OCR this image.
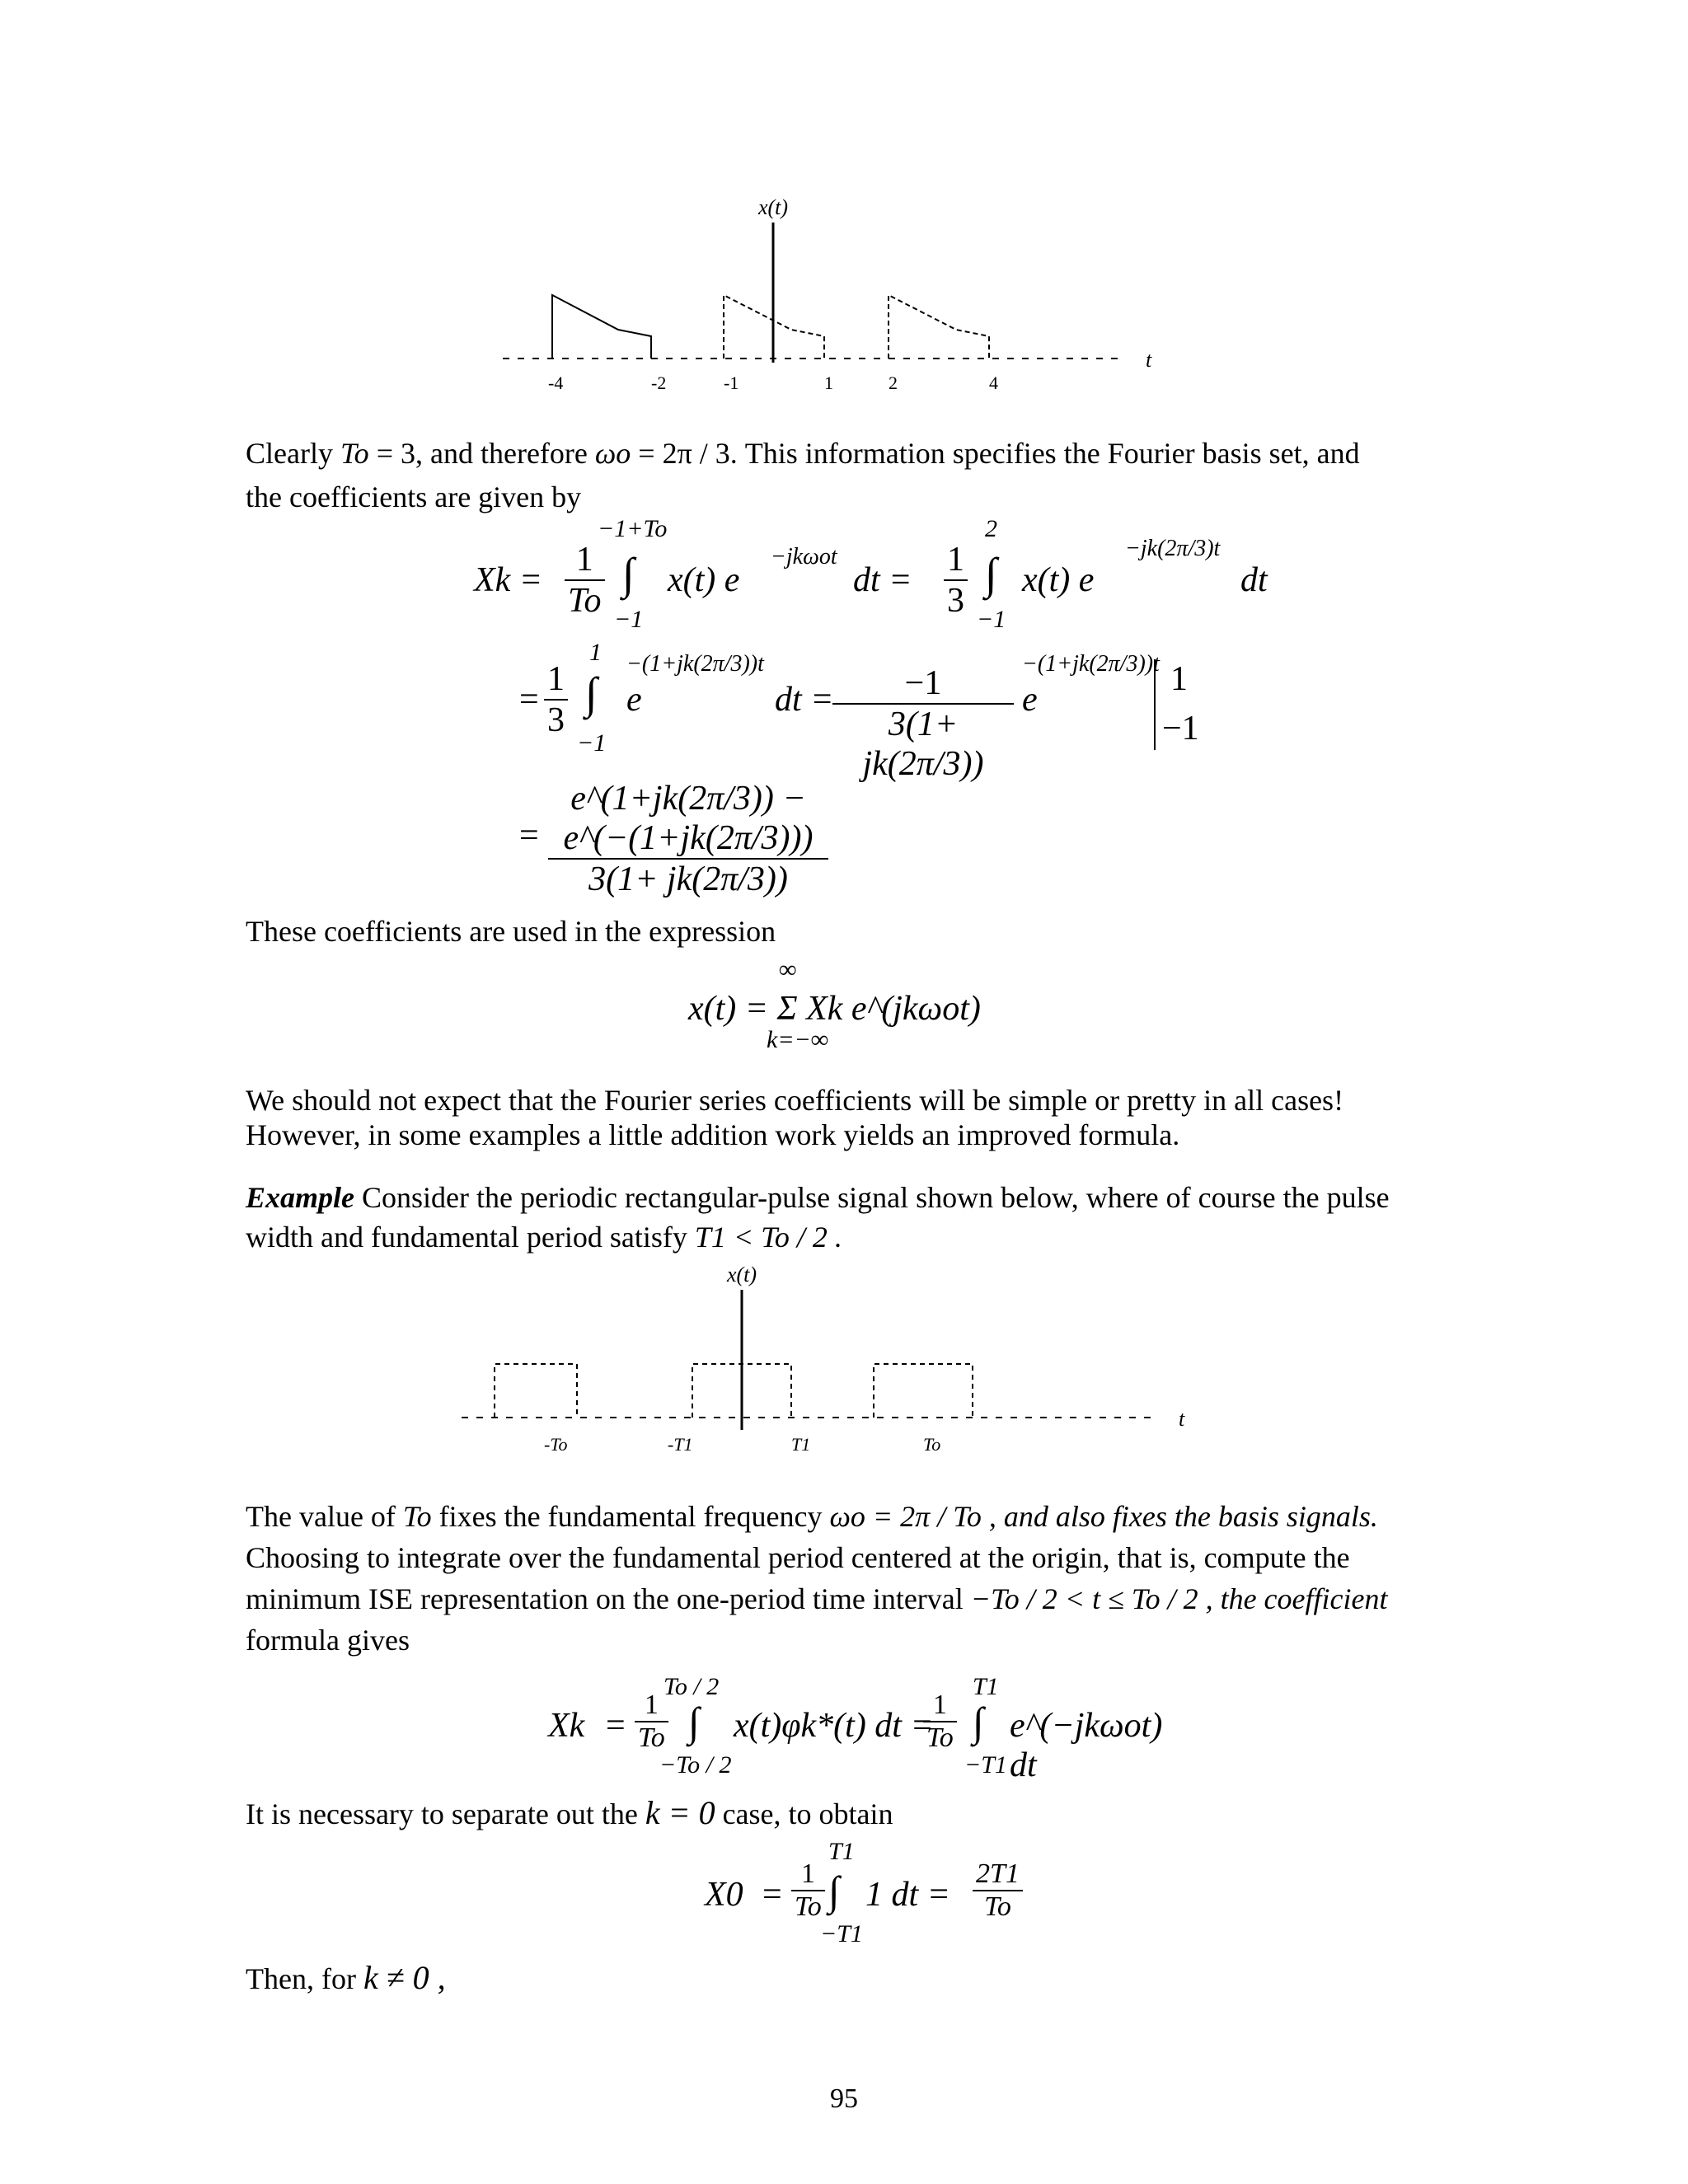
x(t)
t
-4	-2	-1	1	2	4
Clearly To = 3, and therefore ωo = 2π / 3. This information specifies the Fourier basis set, and
the coefficients are given by
$Xk = \frac{1}{To}$
−1+To
∫
−1
x(t) e
−jkωot
dt = $\frac{1}{3}$
2
∫
−1
x(t) e
−jk(2π/3)t
dt
= $\frac{1}{3}$
1
∫
−1
e
−(1+jk(2π/3))t
dt =
$\frac{-1}{3(1+ jk(2\pi/3))}$ e
−(1+jk(2π/3))t 1
−1
= $\frac{e\^{}(1+jk(2\pi/3)) - e\^{}(-(1+jk(2\pi/3)))}{3(1+ jk(2\pi/3))}$
These coefficients are used in the expression
∞
x(t) = Σ Xk e^(jkωot)
k=−∞
We should not expect that the Fourier series coefficients will be simple or pretty in all cases!
However, in some examples a little addition work yields an improved formula.
Example Consider the periodic rectangular-pulse signal shown below, where of course the pulse
width and fundamental period satisfy T1 < To / 2 .
x(t)
t
-To	-T1	T1	To
The value of To fixes the fundamental frequency ωo = 2π / To , and also fixes the basis signals.
Choosing to integrate over the fundamental period centered at the origin, that is, compute the
minimum ISE representation on the one-period time interval −To / 2 < t ≤ To / 2 , the coefficient
formula gives
$Xk = \frac{1}{To}$
To / 2
∫
−To / 2
x(t)φk*(t) dt =
$\frac{1}{To}$
T1
∫
−T1
e^(−jkωot) dt
It is necessary to separate out the k = 0 case, to obtain
$X0 = \frac{1}{To}$
T1
∫
−T1
1 dt = $\frac{2T1}{To}$
Then, for k ≠ 0 ,
95
